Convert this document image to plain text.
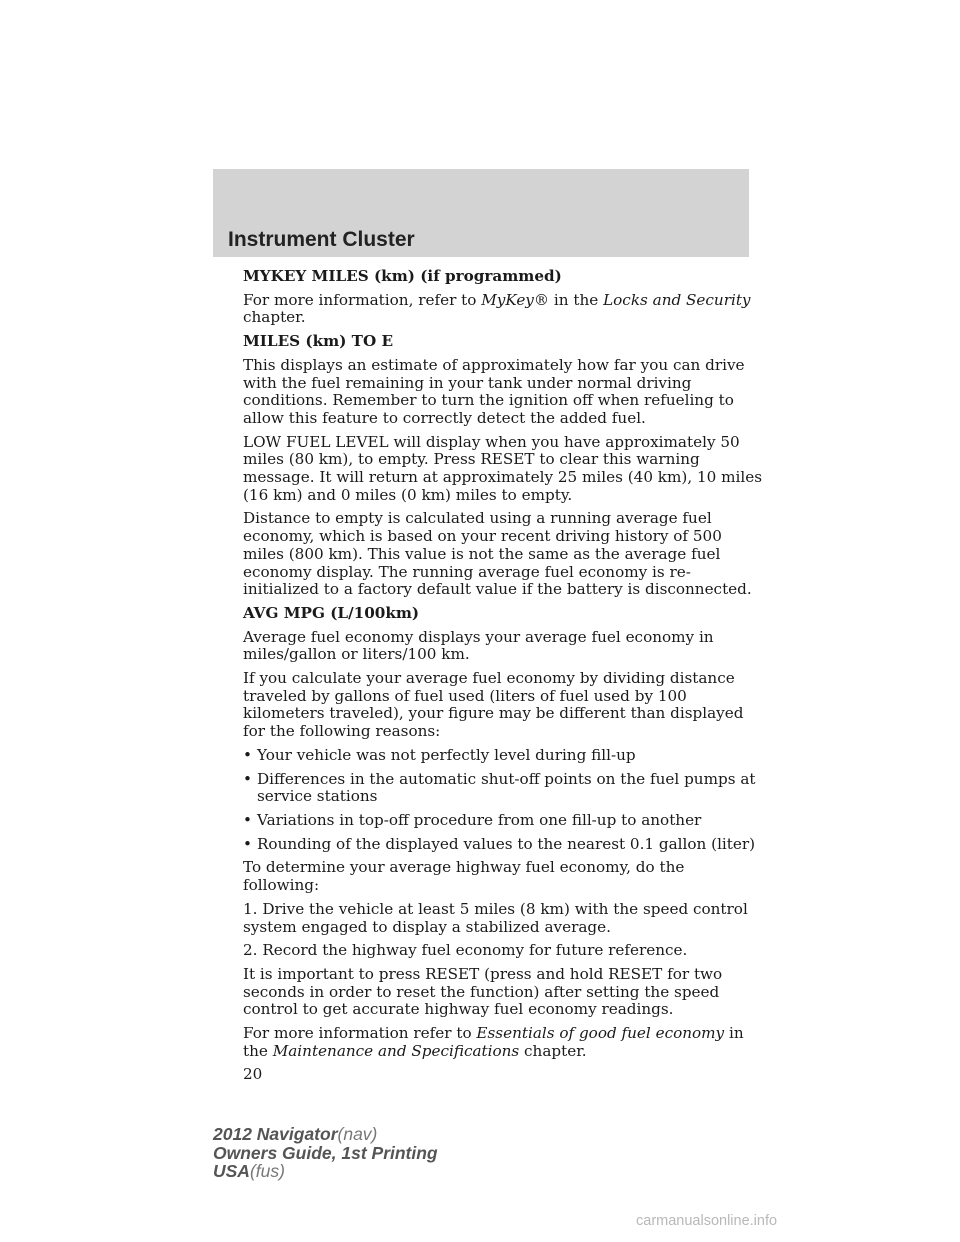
Instrument Cluster

MYKEY MILES (km) (if programmed)

For more information, refer to MyKey® in the Locks and Security chapter.

MILES (km) TO E

This displays an estimate of approximately how far you can drive with the fuel remaining in your tank under normal driving conditions. Remember to turn the ignition off when refueling to allow this feature to correctly detect the added fuel.

LOW FUEL LEVEL will display when you have approximately 50 miles (80 km), to empty. Press RESET to clear this warning message. It will return at approximately 25 miles (40 km), 10 miles (16 km) and 0 miles (0 km) miles to empty.

Distance to empty is calculated using a running average fuel economy, which is based on your recent driving history of 500 miles (800 km). This value is not the same as the average fuel economy display. The running average fuel economy is re-initialized to a factory default value if the battery is disconnected.

AVG MPG (L/100km)

Average fuel economy displays your average fuel economy in miles/gallon or liters/100 km.

If you calculate your average fuel economy by dividing distance traveled by gallons of fuel used (liters of fuel used by 100 kilometers traveled), your figure may be different than displayed for the following reasons:

• Your vehicle was not perfectly level during fill-up
• Differences in the automatic shut-off points on the fuel pumps at service stations
• Variations in top-off procedure from one fill-up to another
• Rounding of the displayed values to the nearest 0.1 gallon (liter)

To determine your average highway fuel economy, do the following:

1. Drive the vehicle at least 5 miles (8 km) with the speed control system engaged to display a stabilized average.

2. Record the highway fuel economy for future reference.

It is important to press RESET (press and hold RESET for two seconds in order to reset the function) after setting the speed control to get accurate highway fuel economy readings.

For more information refer to Essentials of good fuel economy in the Maintenance and Specifications chapter.

20

2012 Navigator(nav)
Owners Guide, 1st Printing
USA(fus)
carmanualsonline.info
